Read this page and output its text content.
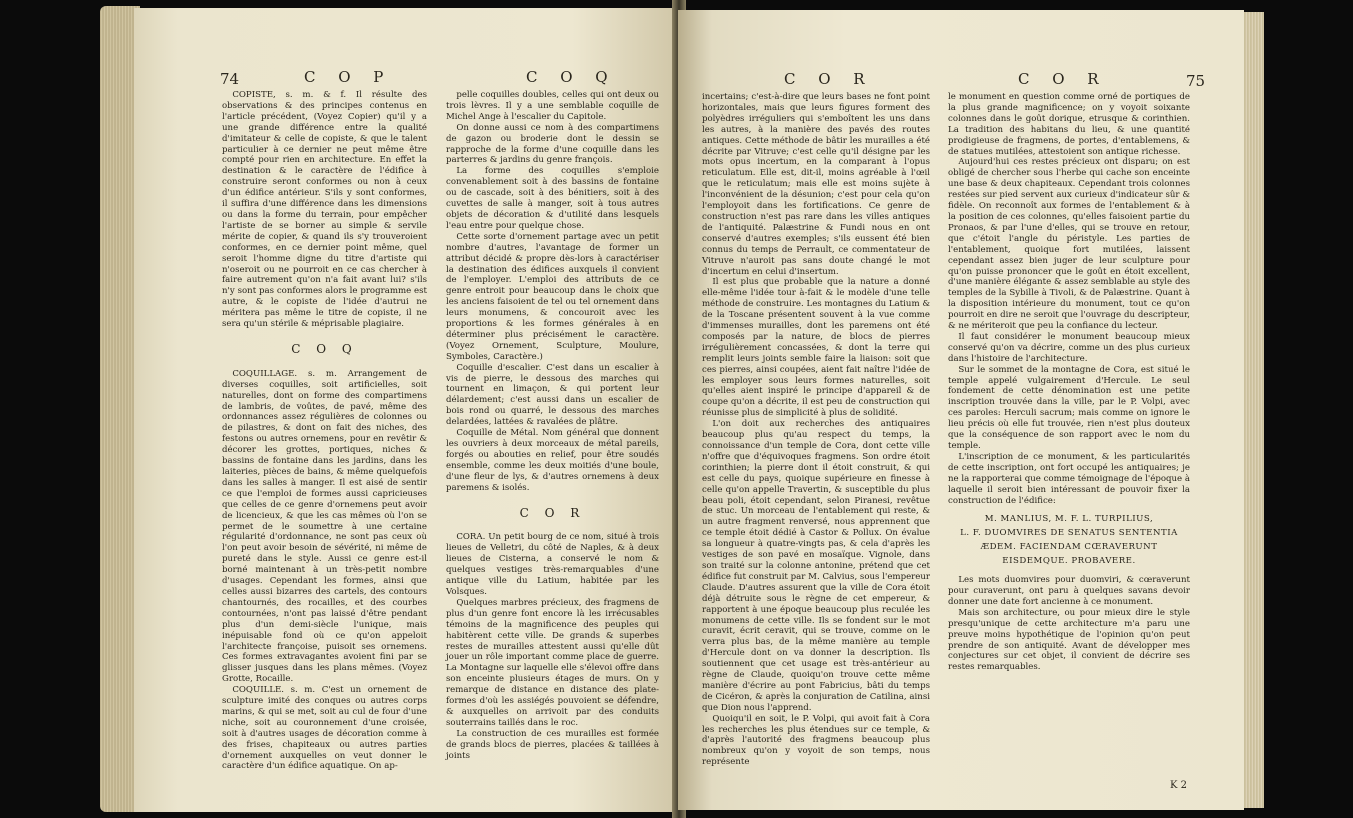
74	C O P	C O Q

COPISTE, s. m. & f. Il résulte des observations & des principes contenus en l'article précédent, (Voyez Copier) qu'il y a une grande différence entre la qualité d'imitateur & celle de copiste, & que le talent particulier à ce dernier ne peut même être compté pour rien en architecture. En effet la destination & le caractère de l'édifice à construire seront conformes ou non à ceux d'un édifice antérieur. S'ils y sont conformes, il suffira d'une différence dans les dimensions ou dans la forme du terrain, pour empêcher l'artiste de se borner au simple & servile mérite de copier, & quand ils s'y trouveroient conformes, en ce dernier point même, quel seroit l'homme digne du titre d'artiste qui n'oseroit ou ne pourroit en ce cas chercher à faire autrement qu'on n'a fait avant lui? s'ils n'y sont pas conformes alors le programme est autre, & le copiste de l'idée d'autrui ne méritera pas même le titre de copiste, il ne sera qu'un stérile & méprisable plagiaire.

C O Q

COQUILLAGE. s. m. Arrangement de diverses coquilles, soit artificielles, soit naturelles, dont on forme des compartimens de lambris, de voûtes, de pavé, même des ordonnances assez régulières de colonnes ou de pilastres, & dont on fait des niches, des festons ou autres ornemens, pour en revêtir & décorer les grottes, portiques, niches & bassins de fontaine dans les jardins, dans les laiteries, pièces de bains, & même quelquefois dans les salles à manger. Il est aisé de sentir ce que l'emploi de formes aussi capricieuses que celles de ce genre d'ornemens peut avoir de licencieux, & que les cas mêmes où l'on se permet de le soumettre à une certaine régularité d'ordonnance, ne sont pas ceux où l'on peut avoir besoin de sévérité, ni même de pureté dans le style. Aussi ce genre est-il borné maintenant à un très-petit nombre d'usages. Cependant les formes, ainsi que celles aussi bizarres des cartels, des contours chantournés, des rocailles, et des courbes contournées, n'ont pas laissé d'être pendant plus d'un demi-siècle l'unique, mais inépuisable fond où ce qu'on appeloit l'architecte françoise, puisoit ses ornemens. Ces formes extravagantes avoient fini par se glisser jusques dans les plans mêmes. (Voyez Grotte, Rocaille.

COQUILLE. s. m. C'est un ornement de sculpture imité des conques ou autres corps marins, & qui se met, soit au cul de four d'une niche, soit au couronnement d'une croisée, soit à d'autres usages de décoration comme à des frises, chapiteaux ou autres parties d'ornement auxquelles on veut donner le caractère d'un édifice aquatique. On ap-

pelle coquilles doubles, celles qui ont deux ou trois lèvres. Il y a une semblable coquille de Michel Ange à l'escalier du Capitole.

On donne aussi ce nom à des compartimens de gazon ou broderie dont le dessin se rapproche de la forme d'une coquille dans les parterres & jardins du genre françois.

La forme des coquilles s'emploie convenablement soit à des bassins de fontaine ou de cascade, soit à des bénitiers, soit à des cuvettes de salle à manger, soit à tous autres objets de décoration & d'utilité dans lesquels l'eau entre pour quelque chose.

Cette sorte d'ornement partage avec un petit nombre d'autres, l'avantage de former un attribut décidé & propre dès-lors à caractériser la destination des édifices auxquels il convient de l'employer. L'emploi des attributs de ce genre entroit pour beaucoup dans le choix que les anciens faisoient de tel ou tel ornement dans leurs monumens, & concouroit avec les proportions & les formes générales à en déterminer plus précisément le caractère. (Voyez Ornement, Sculpture, Moulure, Symboles, Caractère.)

Coquille d'escalier. C'est dans un escalier à vis de pierre, le dessous des marches qui tournent en limaçon, & qui portent leur délardement; c'est aussi dans un escalier de bois rond ou quarré, le dessous des marches delardées, lattées & ravalées de plâtre.

Coquille de Métal. Nom général que donnent les ouvriers à deux morceaux de métal pareils, forgés ou abouties en relief, pour être soudés ensemble, comme les deux moitiés d'une boule, d'une fleur de lys, & d'autres ornemens à deux paremens & isolés.

C O R

CORA. Un petit bourg de ce nom, situé à trois lieues de Velletri, du côté de Naples, & à deux lieues de Cisterna, a conservé le nom & quelques vestiges très-remarquables d'une antique ville du Latium, habitée par les Volsques.

Quelques marbres précieux, des fragmens de plus d'un genre font encore là les irrécusables témoins de la magnificence des peuples qui habitèrent cette ville. De grands & superbes restes de murailles attestent aussi qu'elle dût jouer un rôle important comme place de guerre. La Montagne sur laquelle elle s'élevoi offre dans son enceinte plusieurs étages de murs. On y remarque de distance en distance des plate-formes d'où les assiégés pouvoient se défendre, & auxquelles on arrivoit par des conduits souterrains taillés dans le roc.

La construction de ces murailles est formée de grands blocs de pierres, placées & taillées à joints

C O R	C O R	75

incertains; c'est-à-dire que leurs bases ne font point horizontales, mais que leurs figures forment des polyèdres irréguliers qui s'emboîtent les uns dans les autres, à la manière des pavés des routes antiques. Cette méthode de bâtir les murailles a été décrite par Vitruve; c'est celle qu'il désigne par les mots opus incertum, en la comparant à l'opus reticulatum. Elle est, dit-il, moins agréable à l'œil que le reticulatum; mais elle est moins sujète à l'inconvénient de la désunion; c'est pour cela qu'on l'employoit dans les fortifications. Ce genre de construction n'est pas rare dans les villes antiques de l'antiquité. Palæstrine & Fundi nous en ont conservé d'autres exemples; s'ils eussent été bien connus du temps de Perrault, ce commentateur de Vitruve n'auroit pas sans doute changé le mot d'incertum en celui d'insertum.

Il est plus que probable que la nature a donné elle-même l'idée tour à-fait & le modèle d'une telle méthode de construire. Les montagnes du Latium & de la Toscane présentent souvent à la vue comme d'immenses murailles, dont les paremens ont été composés par la nature, de blocs de pierres irrégulièrement concassées, & dont la terre qui remplit leurs joints semble faire la liaison: soit que ces pierres, ainsi coupées, aient fait naître l'idée de les employer sous leurs formes naturelles, soit qu'elles aient inspiré le principe d'appareil & de coupe qu'on a décrite, il est peu de construction qui réunisse plus de simplicité à plus de solidité.

L'on doit aux recherches des antiquaires beaucoup plus qu'au respect du temps, la connoissance d'un temple de Cora, dont cette ville n'offre que d'équivoques fragmens. Son ordre étoit corinthien; la pierre dont il étoit construit, & qui est celle du pays, quoique supérieure en finesse à celle qu'on appelle Travertin, & susceptible du plus beau poli, étoit cependant, selon Piranesi, revêtue de stuc. Un morceau de l'entablement qui reste, & un autre fragment renversé, nous apprennent que ce temple étoit dédié à Castor & Pollux. On évalue sa longueur à quatre-vingts pas, & cela d'après les vestiges de son pavé en mosaïque. Vignole, dans son traité sur la colonne antonine, prétend que cet édifice fut construit par M. Calvius, sous l'empereur Claude. D'autres assurent que la ville de Cora étoit déjà détruite sous le règne de cet empereur, & rapportent à une époque beaucoup plus reculée les monumens de cette ville. Ils se fondent sur le mot curavit, écrit ceravit, qui se trouve, comme on le verra plus bas, de la même manière au temple d'Hercule dont on va donner la description. Ils soutiennent que cet usage est très-antérieur au règne de Claude, quoiqu'on trouve cette même manière d'écrire au pont Fabricius, bâti du temps de Cicéron, & après la conjuration de Catilina, ainsi que Dion nous l'apprend.

Quoiqu'il en soit, le P. Volpi, qui avoit fait à Cora les recherches les plus étendues sur ce temple, & d'après l'autorité des fragmens beaucoup plus nombreux qu'on y voyoit de son temps, nous représente

le monument en question comme orné de portiques de la plus grande magnificence; on y voyoit soixante colonnes dans le goût dorique, etrusque & corinthien. La tradition des habitans du lieu, & une quantité prodigieuse de fragmens, de portes, d'entablemens, & de statues mutilées, attestoient son antique richesse.

Aujourd'hui ces restes précieux ont disparu; on est obligé de chercher sous l'herbe qui cache son enceinte une base & deux chapiteaux. Cependant trois colonnes restées sur pied servent aux curieux d'indicateur sûr & fidèle. On reconnoît aux formes de l'entablement & à la position de ces colonnes, qu'elles faisoient partie du Pronaos, & par l'une d'elles, qui se trouve en retour, que c'étoit l'angle du péristyle. Les parties de l'entablement, quoique fort mutilées, laissent cependant assez bien juger de leur sculpture pour qu'on puisse prononcer que le goût en étoit excellent, d'une manière élégante & assez semblable au style des temples de la Sybille à Tivoli, & de Palæstrine. Quant à la disposition intérieure du monument, tout ce qu'on pourroit en dire ne seroit que l'ouvrage du descripteur, & ne mériteroit que peu la confiance du lecteur.

Il faut considérer le monument beaucoup mieux conservé qu'on va décrire, comme un des plus curieux dans l'histoire de l'architecture.

Sur le sommet de la montagne de Cora, est situé le temple appelé vulgairement d'Hercule. Le seul fondement de cette dénomination est une petite inscription trouvée dans la ville, par le P. Volpi, avec ces paroles: Herculi sacrum; mais comme on ignore le lieu précis où elle fut trouvée, rien n'est plus douteux que la conséquence de son rapport avec le nom du temple.

L'inscription de ce monument, & les particularités de cette inscription, ont fort occupé les antiquaires; je ne la rapporterai que comme témoignage de l'époque à laquelle il seroit bien intéressant de pouvoir fixer la construction de l'édifice:

M. MANLIUS, M. F. L. TURPILIUS,

L. F. DUOMVIRES DE SENATUS SENTENTIA

ÆDEM. FACIENDAM CŒRAVERUNT

EISDEMQUE. PROBAVERE.

Les mots duomvires pour duomviri, & cœraverunt pour curaverunt, ont paru à quelques savans devoir donner une date fort ancienne à ce monument.

Mais son architecture, ou pour mieux dire le style presqu'unique de cette architecture m'a paru une preuve moins hypothétique de l'opinion qu'on peut prendre de son antiquité. Avant de développer mes conjectures sur cet objet, il convient de décrire ses restes remarquables.

K 2
